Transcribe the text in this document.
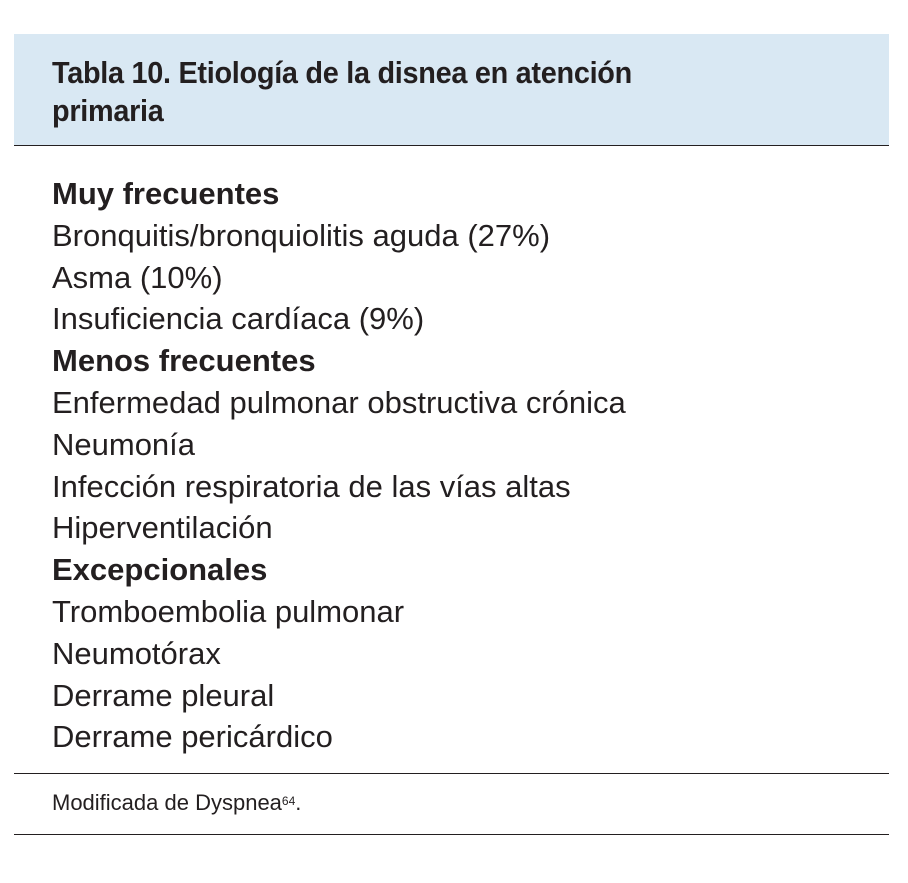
Tabla 10. Etiología de la disnea en atención
primaria
Muy frecuentes
Bronquitis/bronquiolitis aguda (27%)
Asma (10%)
Insuficiencia cardíaca (9%)
Menos frecuentes
Enfermedad pulmonar obstructiva crónica
Neumonía
Infección respiratoria de las vías altas
Hiperventilación
Excepcionales
Tromboembolia pulmonar
Neumotórax
Derrame pleural
Derrame pericárdico
Modificada de Dyspnea$^{64}$.
